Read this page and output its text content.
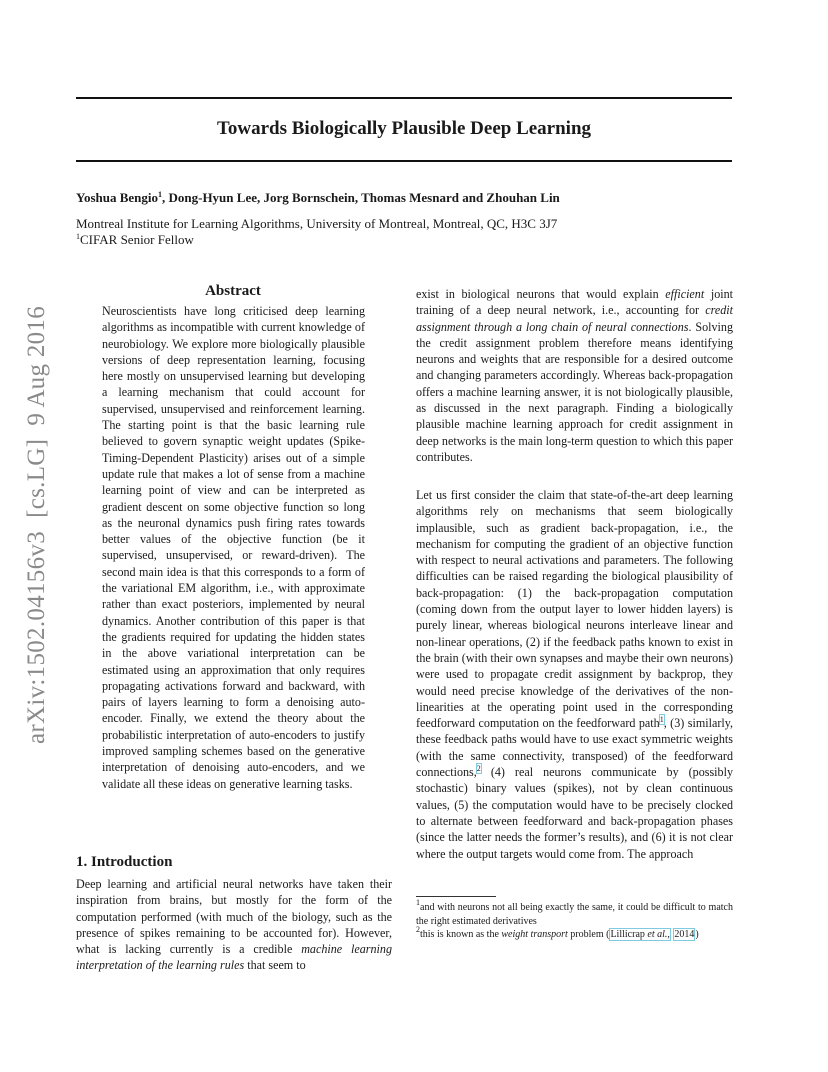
arXiv:1502.04156v3  [cs.LG]  9 Aug 2016
Towards Biologically Plausible Deep Learning
Yoshua Bengio$^1$, Dong-Hyun Lee, Jorg Bornschein, Thomas Mesnard and Zhouhan Lin
Montreal Institute for Learning Algorithms, University of Montreal, Montreal, QC, H3C 3J7
$^1$CIFAR Senior Fellow
Abstract
Neuroscientists have long criticised deep learning algorithms as incompatible with current knowledge of neurobiology. We explore more biologically plausible versions of deep representation learning, focusing here mostly on unsupervised learning but developing a learning mechanism that could account for supervised, unsupervised and reinforcement learning. The starting point is that the basic learning rule believed to govern synaptic weight updates (Spike-Timing-Dependent Plasticity) arises out of a simple update rule that makes a lot of sense from a machine learning point of view and can be interpreted as gradient descent on some objective function so long as the neuronal dynamics push firing rates towards better values of the objective function (be it supervised, unsupervised, or reward-driven). The second main idea is that this corresponds to a form of the variational EM algorithm, i.e., with approximate rather than exact posteriors, implemented by neural dynamics. Another contribution of this paper is that the gradients required for updating the hidden states in the above variational interpretation can be estimated using an approximation that only requires propagating activations forward and backward, with pairs of layers learning to form a denoising auto-encoder. Finally, we extend the theory about the probabilistic interpretation of auto-encoders to justify improved sampling schemes based on the generative interpretation of denoising auto-encoders, and we validate all these ideas on generative learning tasks.
1. Introduction
Deep learning and artificial neural networks have taken their inspiration from brains, but mostly for the form of the computation performed (with much of the biology, such as the presence of spikes remaining to be accounted for). However, what is lacking currently is a credible machine learning interpretation of the learning rules that seem to
exist in biological neurons that would explain efficient joint training of a deep neural network, i.e., accounting for credit assignment through a long chain of neural connections. Solving the credit assignment problem therefore means identifying neurons and weights that are responsible for a desired outcome and changing parameters accordingly. Whereas back-propagation offers a machine learning answer, it is not biologically plausible, as discussed in the next paragraph. Finding a biologically plausible machine learning approach for credit assignment in deep networks is the main long-term question to which this paper contributes.
Let us first consider the claim that state-of-the-art deep learning algorithms rely on mechanisms that seem biologically implausible, such as gradient back-propagation, i.e., the mechanism for computing the gradient of an objective function with respect to neural activations and parameters. The following difficulties can be raised regarding the biological plausibility of back-propagation: (1) the back-propagation computation (coming down from the output layer to lower hidden layers) is purely linear, whereas biological neurons interleave linear and non-linear operations, (2) if the feedback paths known to exist in the brain (with their own synapses and maybe their own neurons) were used to propagate credit assignment by backprop, they would need precise knowledge of the derivatives of the non-linearities at the operating point used in the corresponding feedforward computation on the feedforward path$^1$, (3) similarly, these feedback paths would have to use exact symmetric weights (with the same connectivity, transposed) of the feedforward connections,$^2$ (4) real neurons communicate by (possibly stochastic) binary values (spikes), not by clean continuous values, (5) the computation would have to be precisely clocked to alternate between feedforward and back-propagation phases (since the latter needs the former’s results), and (6) it is not clear where the output targets would come from. The approach
$^1$and with neurons not all being exactly the same, it could be difficult to match the right estimated derivatives
$^2$this is known as the weight transport problem (Lillicrap et al., 2014)
